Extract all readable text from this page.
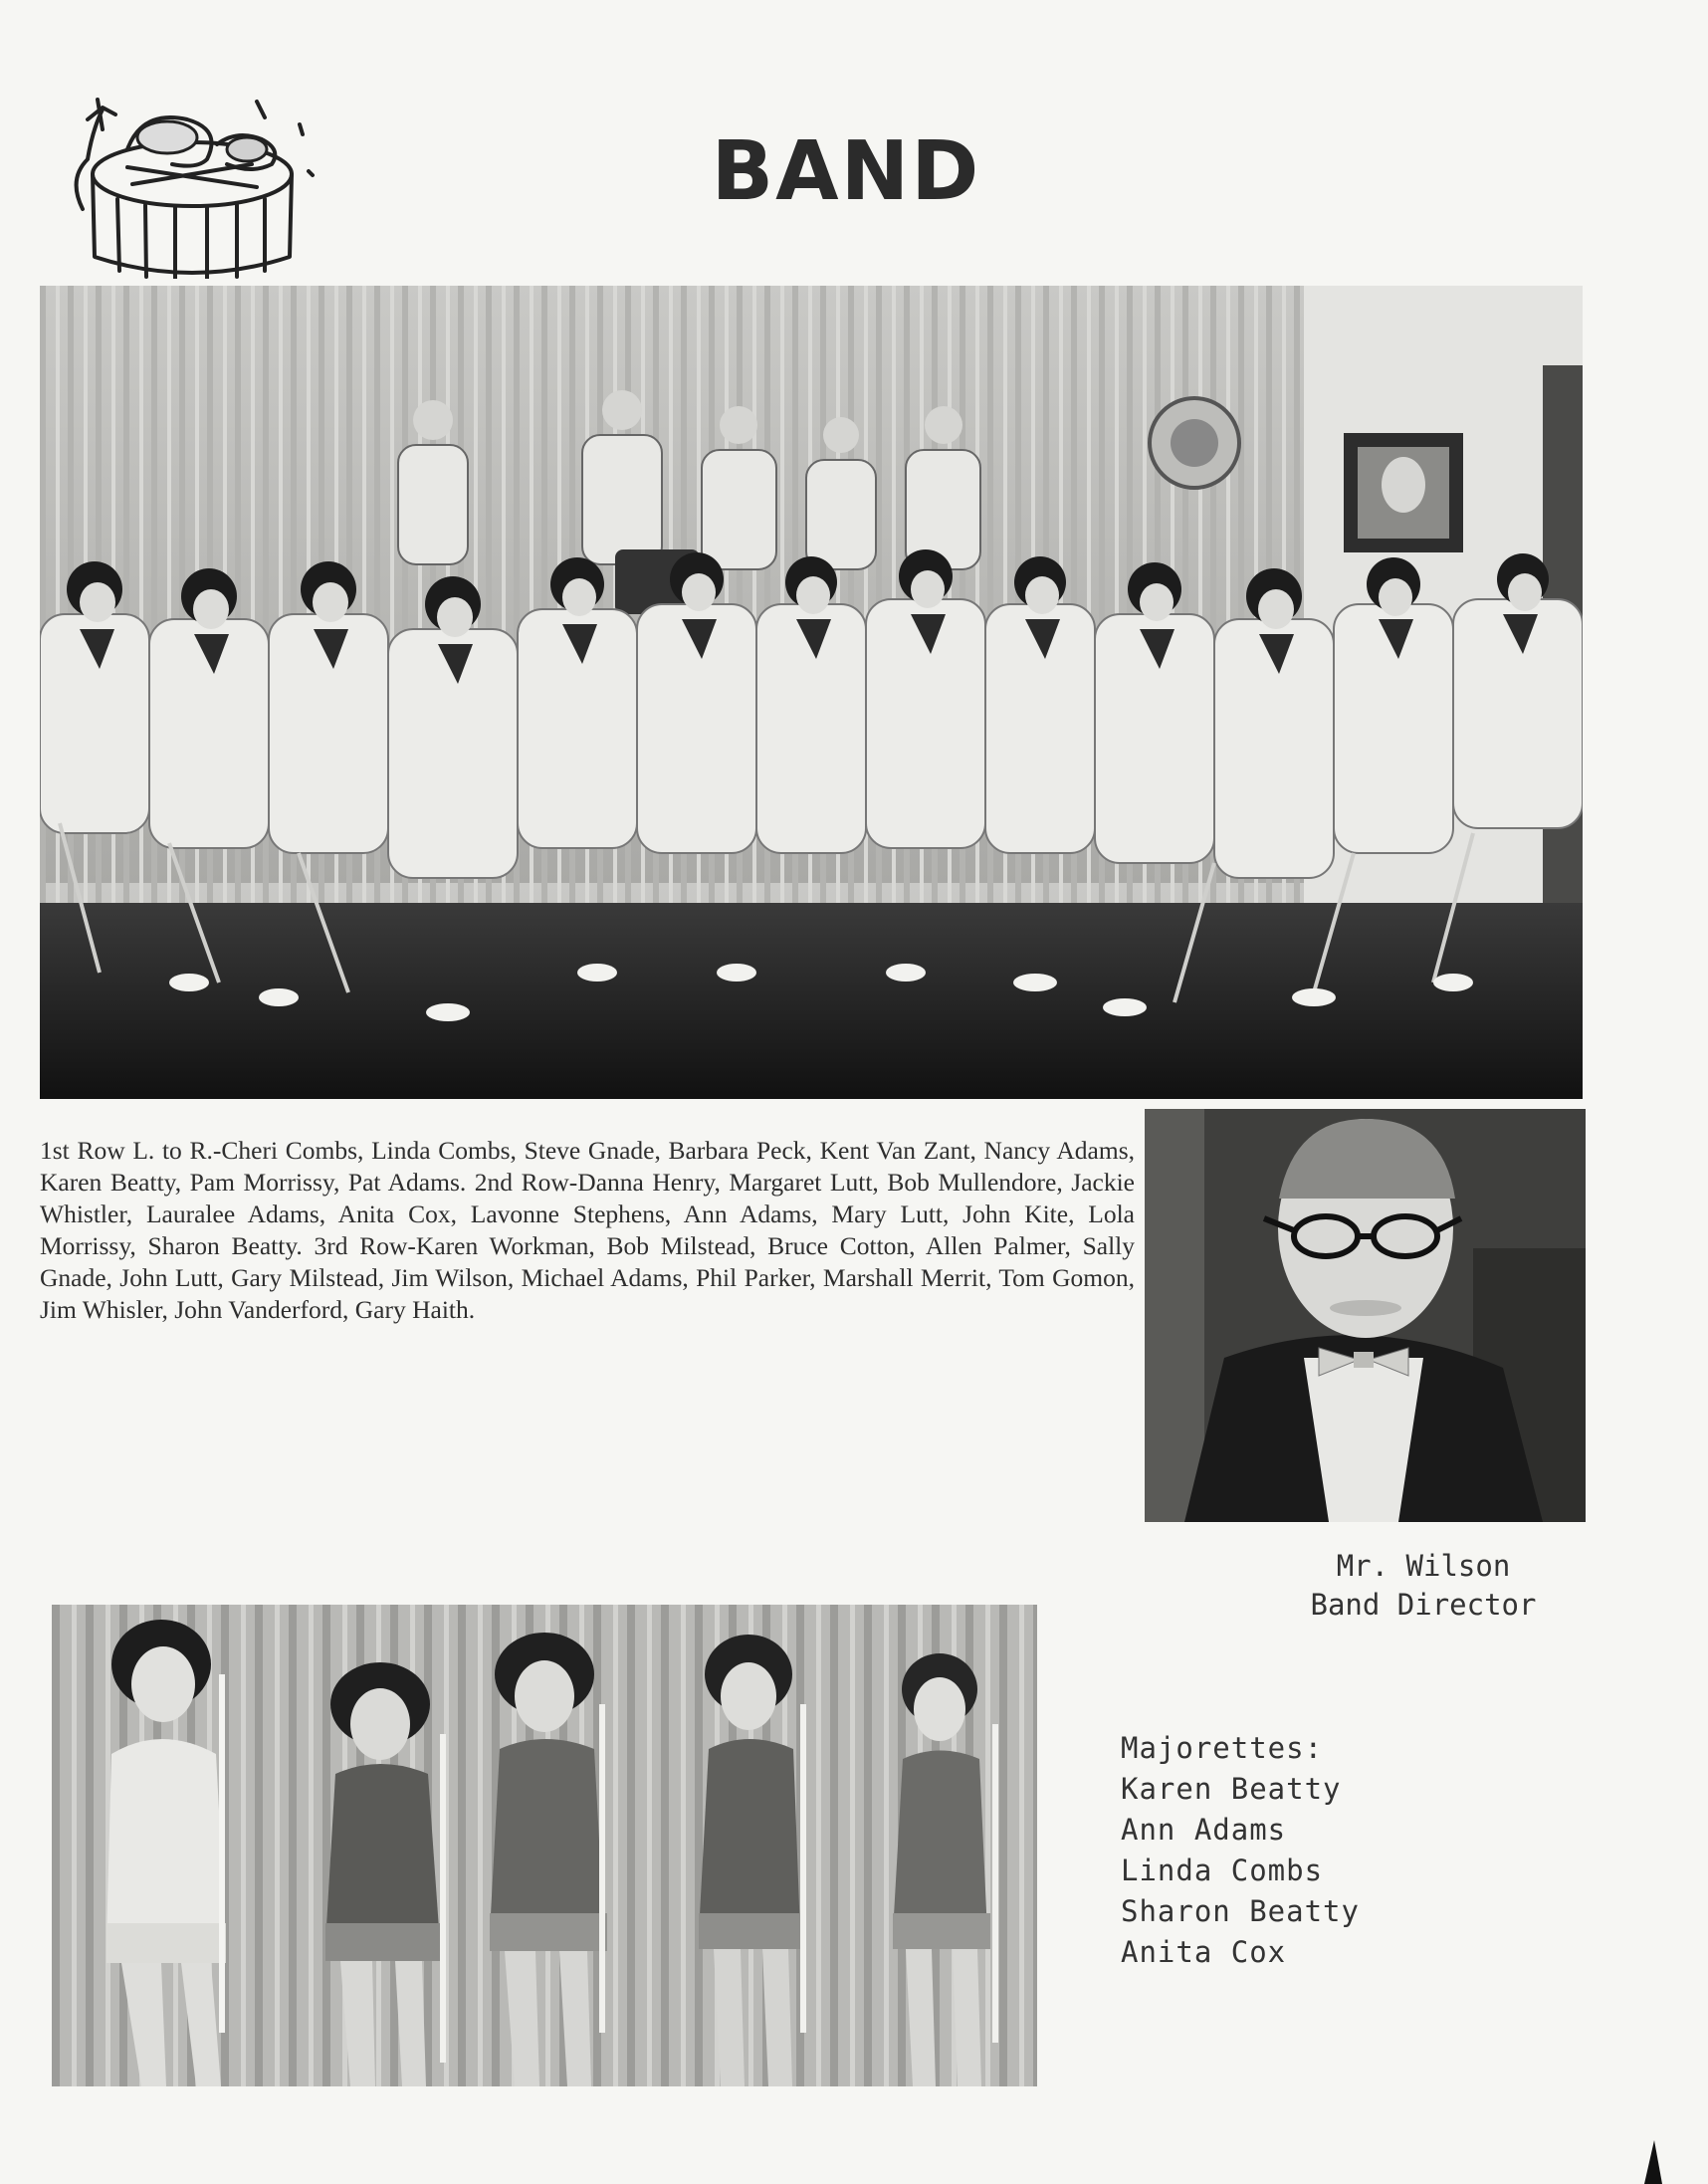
BAND
1st Row L. to R.-Cheri Combs, Linda Combs, Steve Gnade, Barbara Peck, Kent Van Zant, Nancy Adams, Karen Beatty, Pam Morrissy, Pat Adams. 2nd Row-Danna Henry, Margaret Lutt, Bob Mullendore, Jackie Whistler, Lauralee Adams, Anita Cox, Lavonne Stephens, Ann Adams, Mary Lutt, John Kite, Lola Morrissy, Sharon Beatty. 3rd Row-Karen Workman, Bob Milstead, Bruce Cotton, Allen Palmer, Sally Gnade, John Lutt, Gary Milstead, Jim Wilson, Michael Adams, Phil Parker, Marshall Merrit, Tom Gomon, Jim Whisler, John Vanderford, Gary Haith.
Mr. Wilson
Band Director
Majorettes:
Karen Beatty
Ann Adams
Linda Combs
Sharon Beatty
Anita Cox
